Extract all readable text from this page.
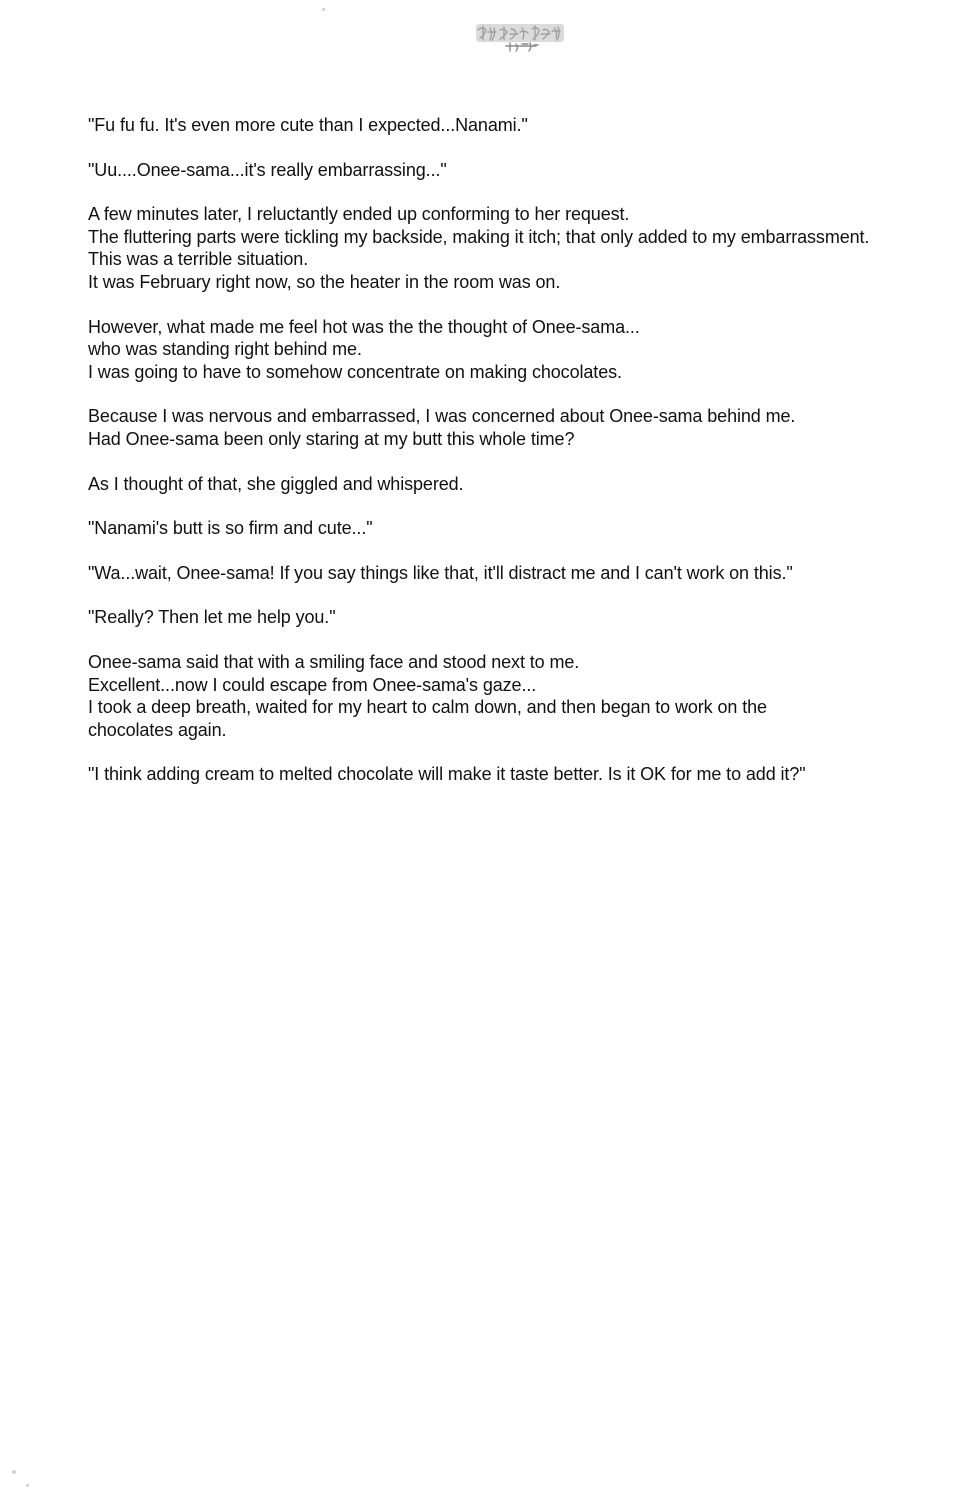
"Fu fu fu. It's even more cute than I expected...Nanami."
"Uu....Onee-sama...it's really embarrassing..."
A few minutes later, I reluctantly ended up conforming to her request.
The fluttering parts were tickling my backside, making it itch; that only added to my embarrassment.
This was a terrible situation.
It was February right now, so the heater in the room was on.
However, what made me feel hot was the the thought of Onee-sama...
who was standing right behind me.
I was going to have to somehow concentrate on making chocolates.
Because I was nervous and embarrassed, I was concerned about Onee-sama behind me.
Had Onee-sama been only staring at my butt this whole time?
As I thought of that, she giggled and whispered.
"Nanami's butt is so firm and cute..."
"Wa...wait, Onee-sama! If you say things like that, it'll distract me and I can't work on this."
"Really? Then let me help you."
Onee-sama said that with a smiling face and stood next to me.
Excellent...now I could escape from Onee-sama's gaze...
I took a deep breath, waited for my heart to calm down, and then began to work on the
chocolates again.
"I think adding cream to melted chocolate will make it taste better. Is it OK for me to add it?"
